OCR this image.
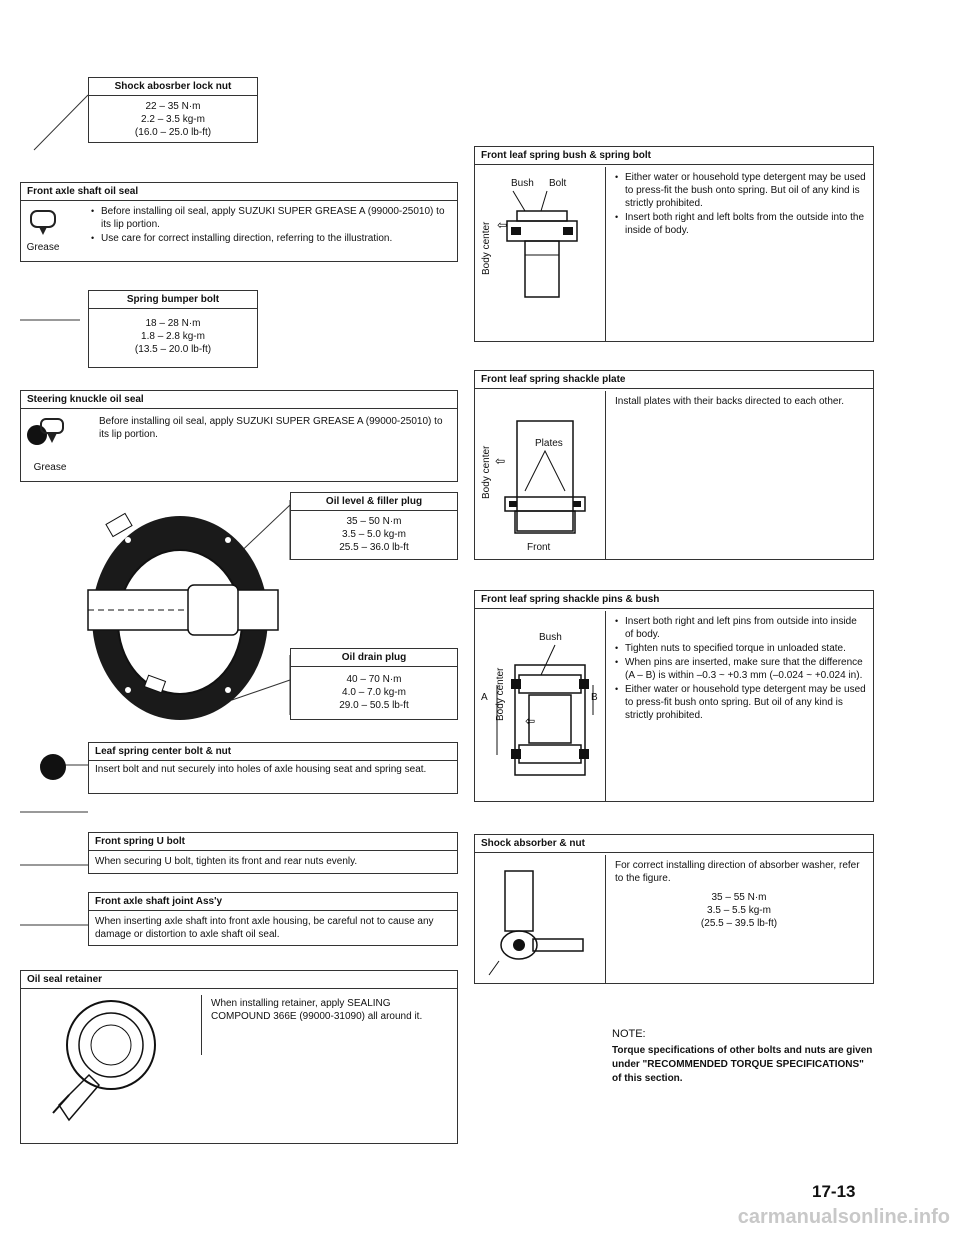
Shock abosrber lock nut
22 – 35 N·m
2.2 – 3.5 kg-m
(16.0 – 25.0 lb-ft)
Front axle shaft oil seal
Grease
• Before installing oil seal, apply SUZUKI SUPER GREASE A (99000-25010) to its lip portion.
• Use care for correct installing direction, referring to the illustration.
Spring bumper bolt
18 – 28 N·m
1.8 – 2.8 kg-m
(13.5 – 20.0 lb-ft)
Steering knuckle oil seal
Grease
Before installing oil seal, apply SUZUKI SUPER GREASE A (99000-25010) to its lip portion.
Oil level & filler plug
35 – 50 N·m
3.5 – 5.0 kg-m
25.5 – 36.0 lb-ft
Oil drain plug
40 – 70 N·m
4.0 – 7.0 kg-m
29.0 – 50.5 lb-ft
Leaf spring center bolt & nut
Insert bolt and nut securely into holes of axle housing seat and spring seat.
Front spring U bolt
When securing U bolt, tighten its front and rear nuts evenly.
Front axle shaft joint Ass'y
When inserting axle shaft into front axle housing, be careful not to cause any damage or distortion to axle shaft oil seal.
Oil seal retainer
When installing retainer, apply SEALING COMPOUND 366E (99000-31090) all around it.
Front leaf spring bush & spring bolt
Bush Bolt
Body center ⇦
• Either water or household type detergent may be used to press-fit the bush onto spring. But oil of any kind is strictly prohibited.
• Insert both right and left bolts from the outside into the inside of body.
Front leaf spring shackle plate
Body center ⇦
Plates
Front
Install plates with their backs directed to each other.
Front leaf spring shackle pins & bush
Bush
Body center
A	B
⇦
• Insert both right and left pins from outside into inside of body.
• Tighten nuts to specified torque in unloaded state.
• When pins are inserted, make sure that the difference (A – B) is within –0.3 ~ +0.3 mm (–0.024 ~ +0.024 in).
• Either water or household type detergent may be used to press-fit bush onto spring. But oil of any kind is strictly prohibited.
Shock absorber & nut
For correct installing direction of absorber washer, refer to the figure.
35 – 55 N·m
3.5 – 5.5 kg-m
(25.5 – 39.5 lb-ft)
NOTE:
Torque specifications of other bolts and nuts are given under "RECOMMENDED TORQUE SPECIFICATIONS" of this section.
17-13
carmanualsonline.info
